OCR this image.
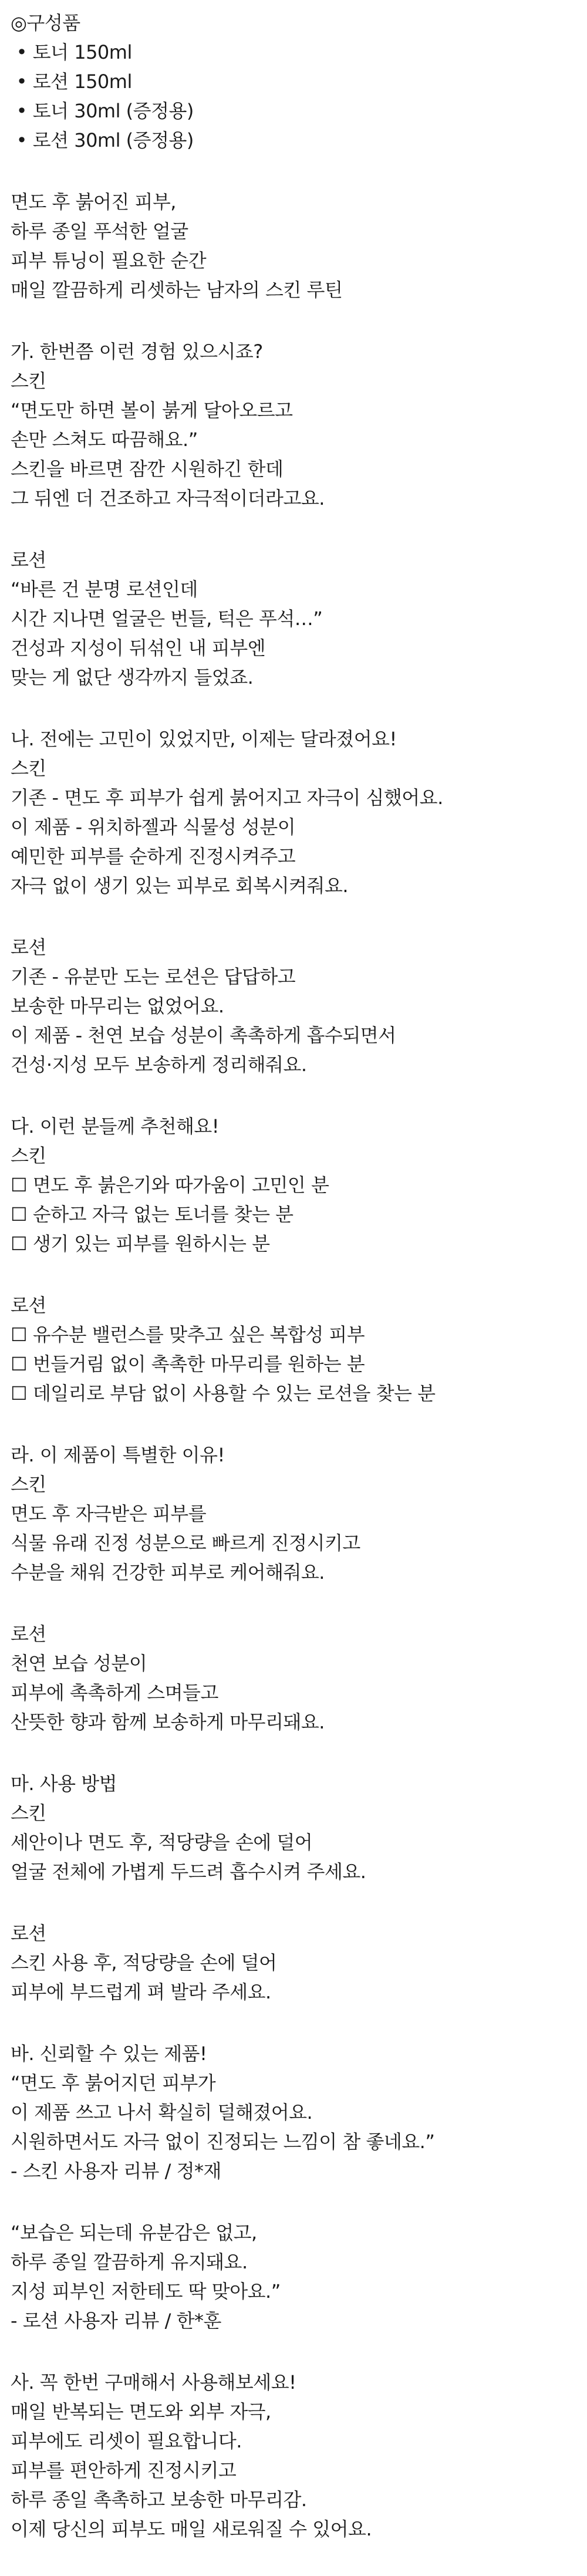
◎구성품
• 토너 150ml
• 로션 150ml
• 토너 30ml (증정용)
• 로션 30ml (증정용)
면도 후 붉어진 피부,
하루 종일 푸석한 얼굴
피부 튜닝이 필요한 순간
매일 깔끔하게 리셋하는 남자의 스킨 루틴
가. 한번쯤 이런 경험 있으시죠?
스킨
“면도만 하면 볼이 붉게 달아오르고
손만 스쳐도 따끔해요.”
스킨을 바르면 잠깐 시원하긴 한데
그 뒤엔 더 건조하고 자극적이더라고요.
로션
“바른 건 분명 로션인데
시간 지나면 얼굴은 번들, 턱은 푸석…”
건성과 지성이 뒤섞인 내 피부엔
맞는 게 없단 생각까지 들었죠.
나. 전에는 고민이 있었지만, 이제는 달라졌어요!
스킨
기존 - 면도 후 피부가 쉽게 붉어지고 자극이 심했어요.
이 제품 - 위치하젤과 식물성 성분이
예민한 피부를 순하게 진정시켜주고
자극 없이 생기 있는 피부로 회복시켜줘요.
로션
기존 - 유분만 도는 로션은 답답하고
보송한 마무리는 없었어요.
이 제품 - 천연 보습 성분이 촉촉하게 흡수되면서
건성·지성 모두 보송하게 정리해줘요.
다. 이런 분들께 추천해요!
스킨
☐ 면도 후 붉은기와 따가움이 고민인 분
☐ 순하고 자극 없는 토너를 찾는 분
☐ 생기 있는 피부를 원하시는 분
로션
☐ 유수분 밸런스를 맞추고 싶은 복합성 피부
☐ 번들거림 없이 촉촉한 마무리를 원하는 분
☐ 데일리로 부담 없이 사용할 수 있는 로션을 찾는 분
라. 이 제품이 특별한 이유!
스킨
면도 후 자극받은 피부를
식물 유래 진정 성분으로 빠르게 진정시키고
수분을 채워 건강한 피부로 케어해줘요.
로션
천연 보습 성분이
피부에 촉촉하게 스며들고
산뜻한 향과 함께 보송하게 마무리돼요.
마. 사용 방법
스킨
세안이나 면도 후, 적당량을 손에 덜어
얼굴 전체에 가볍게 두드려 흡수시켜 주세요.
로션
스킨 사용 후, 적당량을 손에 덜어
피부에 부드럽게 펴 발라 주세요.
바. 신뢰할 수 있는 제품!
“면도 후 붉어지던 피부가
이 제품 쓰고 나서 확실히 덜해졌어요.
시원하면서도 자극 없이 진정되는 느낌이 참 좋네요.”
- 스킨 사용자 리뷰 / 정*재
“보습은 되는데 유분감은 없고,
하루 종일 깔끔하게 유지돼요.
지성 피부인 저한테도 딱 맞아요.”
- 로션 사용자 리뷰 / 한*훈
사. 꼭 한번 구매해서 사용해보세요!
매일 반복되는 면도와 외부 자극,
피부에도 리셋이 필요합니다.
피부를 편안하게 진정시키고
하루 종일 촉촉하고 보송한 마무리감.
이제 당신의 피부도 매일 새로워질 수 있어요.
